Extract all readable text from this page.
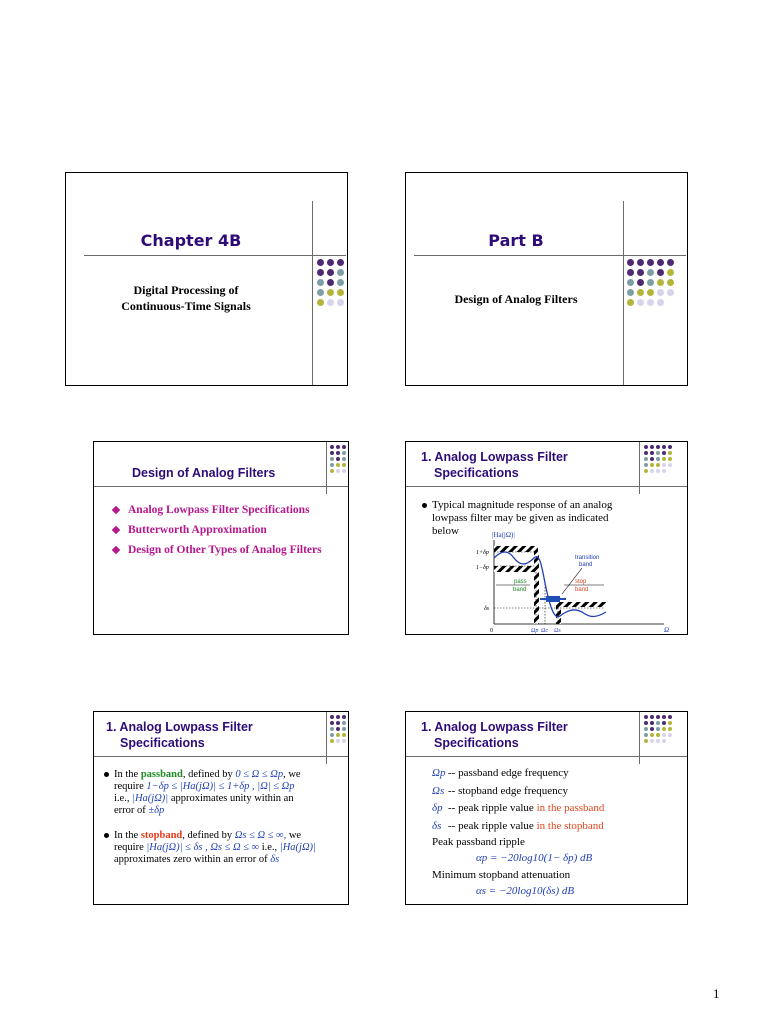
Chapter 4B
Digital Processing of
Continuous-Time Signals
Part B
Design of Analog Filters
Design of Analog Filters
Analog Lowpass Filter Specifications
Butterworth Approximation
Design of Other Types of Analog Filters
1. Analog Lowpass Filter
Specifications
Typical magnitude response of an analog
lowpass filter may be given as indicated
below	|Ha(jΩ)|
1+δp
1−δp
δs
0	Ωp Ωc Ωs	Ω
transition
band
pass
band
stop
band
1. Analog Lowpass Filter
Specifications
In the passband, defined by 0 ≤ Ω ≤ Ωp, we
require 1−δp ≤ |Ha(jΩ)| ≤ 1+δp , |Ω| ≤ Ωp
i.e., |Ha(jΩ)| approximates unity within an
error of ±δp
In the stopband, defined by Ωs ≤ Ω ≤ ∞, we
require |Ha(jΩ)| ≤ δs , Ωs ≤ Ω ≤ ∞ i.e., |Ha(jΩ)|
approximates zero within an error of δs
1. Analog Lowpass Filter
Specifications
Ωp -- passband edge frequency
Ωs -- stopband edge frequency
δp -- peak ripple value in the passband
δs -- peak ripple value in the stopband
Peak passband ripple
αp = −20log10(1− δp) dB
Minimum stopband attenuation
αs = −20log10(δs) dB
1
